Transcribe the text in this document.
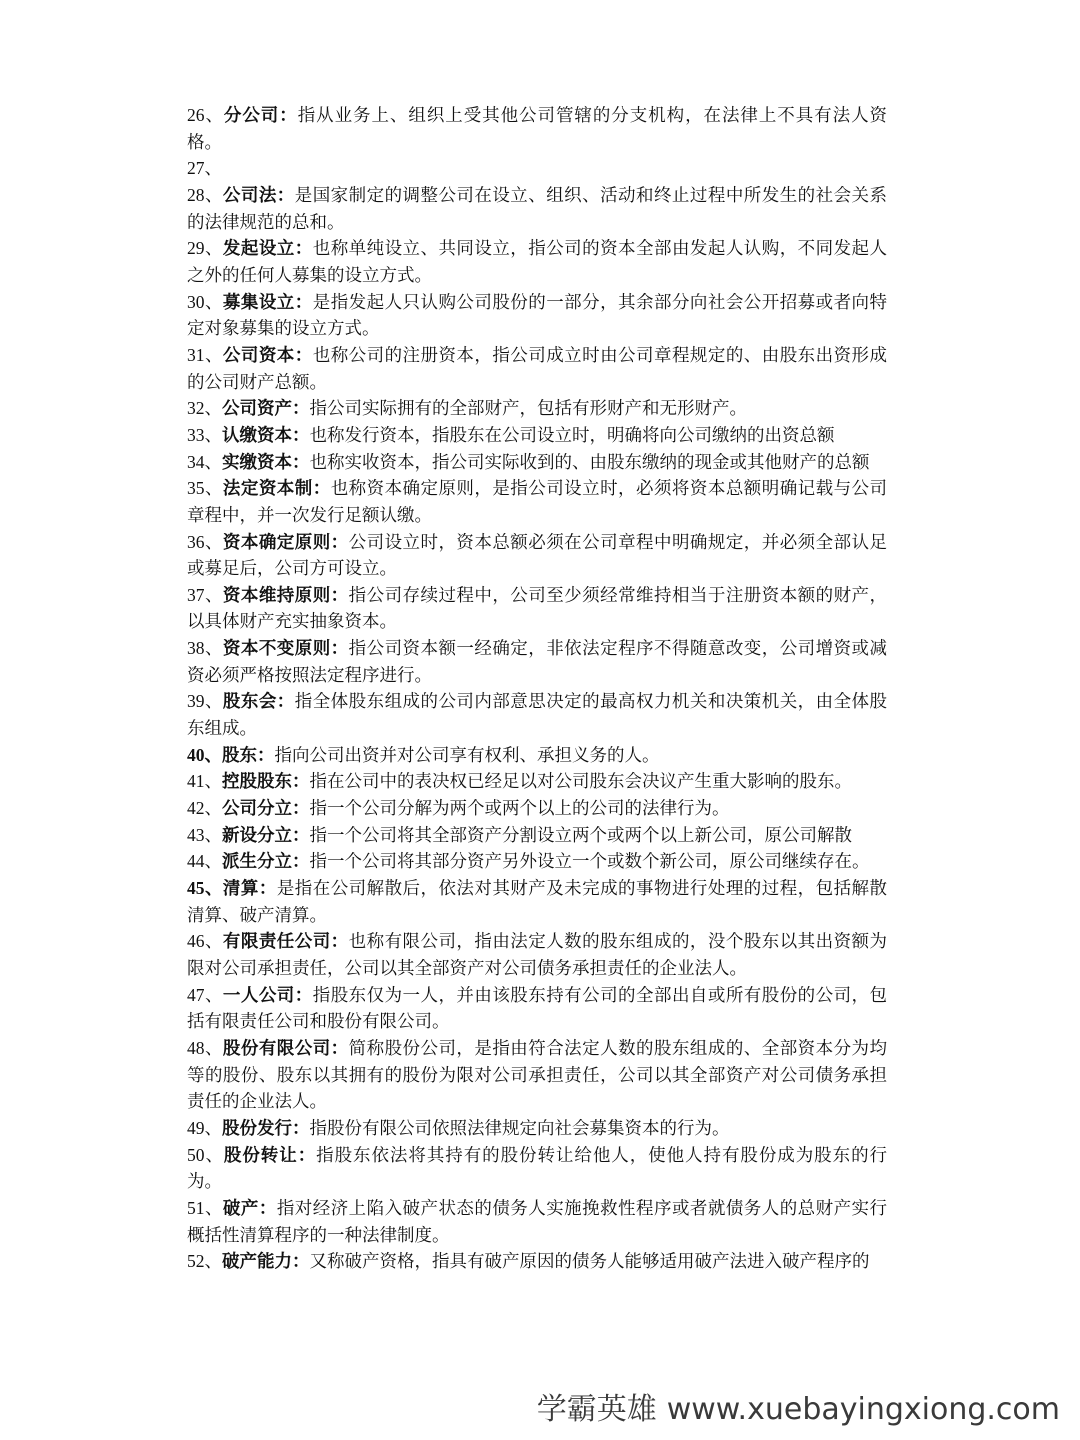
26、分公司：指从业务上、组织上受其他公司管辖的分支机构，在法律上不具有法人资
格。
27、
28、公司法：是国家制定的调整公司在设立、组织、活动和终止过程中所发生的社会关系
的法律规范的总和。
29、发起设立：也称单纯设立、共同设立，指公司的资本全部由发起人认购，不同发起人
之外的任何人募集的设立方式。
30、募集设立：是指发起人只认购公司股份的一部分，其余部分向社会公开招募或者向特
定对象募集的设立方式。
31、公司资本：也称公司的注册资本，指公司成立时由公司章程规定的、由股东出资形成
的公司财产总额。
32、公司资产：指公司实际拥有的全部财产，包括有形财产和无形财产。
33、认缴资本：也称发行资本，指股东在公司设立时，明确将向公司缴纳的出资总额
34、实缴资本：也称实收资本，指公司实际收到的、由股东缴纳的现金或其他财产的总额
35、法定资本制：也称资本确定原则，是指公司设立时，必须将资本总额明确记载与公司
章程中，并一次发行足额认缴。
36、资本确定原则：公司设立时，资本总额必须在公司章程中明确规定，并必须全部认足
或募足后，公司方可设立。
37、资本维持原则：指公司存续过程中，公司至少须经常维持相当于注册资本额的财产，
以具体财产充实抽象资本。
38、资本不变原则：指公司资本额一经确定，非依法定程序不得随意改变，公司增资或减
资必须严格按照法定程序进行。
39、股东会：指全体股东组成的公司内部意思决定的最高权力机关和决策机关，由全体股
东组成。
40、股东：指向公司出资并对公司享有权利、承担义务的人。
41、控股股东：指在公司中的表决权已经足以对公司股东会决议产生重大影响的股东。
42、公司分立：指一个公司分解为两个或两个以上的公司的法律行为。
43、新设分立：指一个公司将其全部资产分割设立两个或两个以上新公司，原公司解散
44、派生分立：指一个公司将其部分资产另外设立一个或数个新公司，原公司继续存在。
45、清算：是指在公司解散后，依法对其财产及未完成的事物进行处理的过程，包括解散
清算、破产清算。
46、有限责任公司：也称有限公司，指由法定人数的股东组成的，没个股东以其出资额为
限对公司承担责任，公司以其全部资产对公司债务承担责任的企业法人。
47、一人公司：指股东仅为一人，并由该股东持有公司的全部出自或所有股份的公司，包
括有限责任公司和股份有限公司。
48、股份有限公司：简称股份公司，是指由符合法定人数的股东组成的、全部资本分为均
等的股份、股东以其拥有的股份为限对公司承担责任，公司以其全部资产对公司债务承担
责任的企业法人。
49、股份发行：指股份有限公司依照法律规定向社会募集资本的行为。
50、股份转让：指股东依法将其持有的股份转让给他人，使他人持有股份成为股东的行
为。
51、破产：指对经济上陷入破产状态的债务人实施挽救性程序或者就债务人的总财产实行
概括性清算程序的一种法律制度。
52、破产能力：又称破产资格，指具有破产原因的债务人能够适用破产法进入破产程序的
学霸英雄 www.xuebayingxiong.com
